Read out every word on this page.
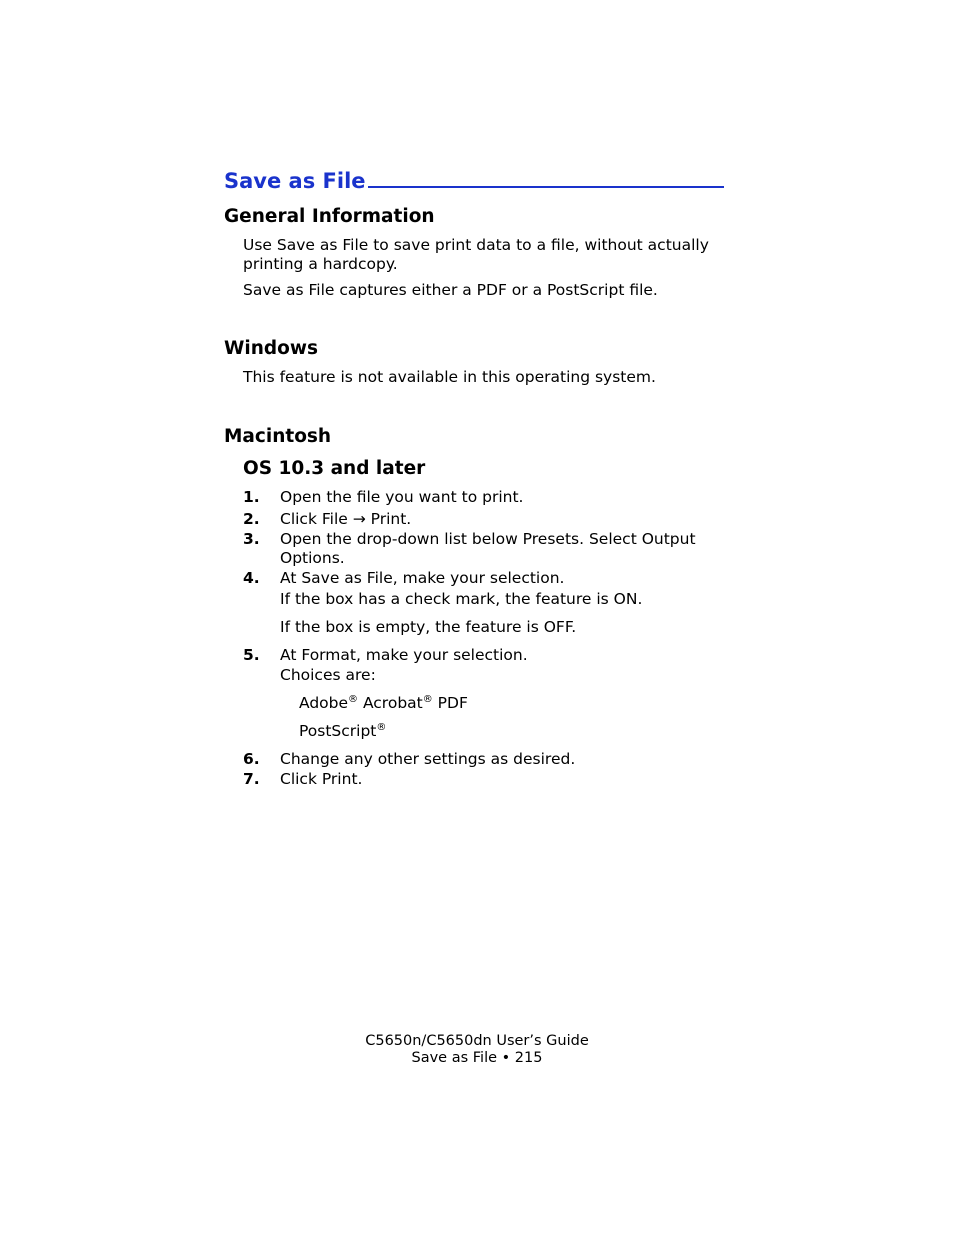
Save as File
General Information
Use Save as File to save print data to a file, without actually
printing a hardcopy.
Save as File captures either a PDF or a PostScript file.
Windows
This feature is not available in this operating system.
Macintosh
OS 10.3 and later
1. Open the file you want to print.
2. Click File → Print.
3. Open the drop-down list below Presets. Select Output
Options.
4. At Save as File, make your selection.
If the box has a check mark, the feature is ON.
If the box is empty, the feature is OFF.
5. At Format, make your selection.
Choices are:
Adobe® Acrobat® PDF
PostScript®
6. Change any other settings as desired.
7. Click Print.
C5650n/C5650dn User’s Guide
Save as File • 215
